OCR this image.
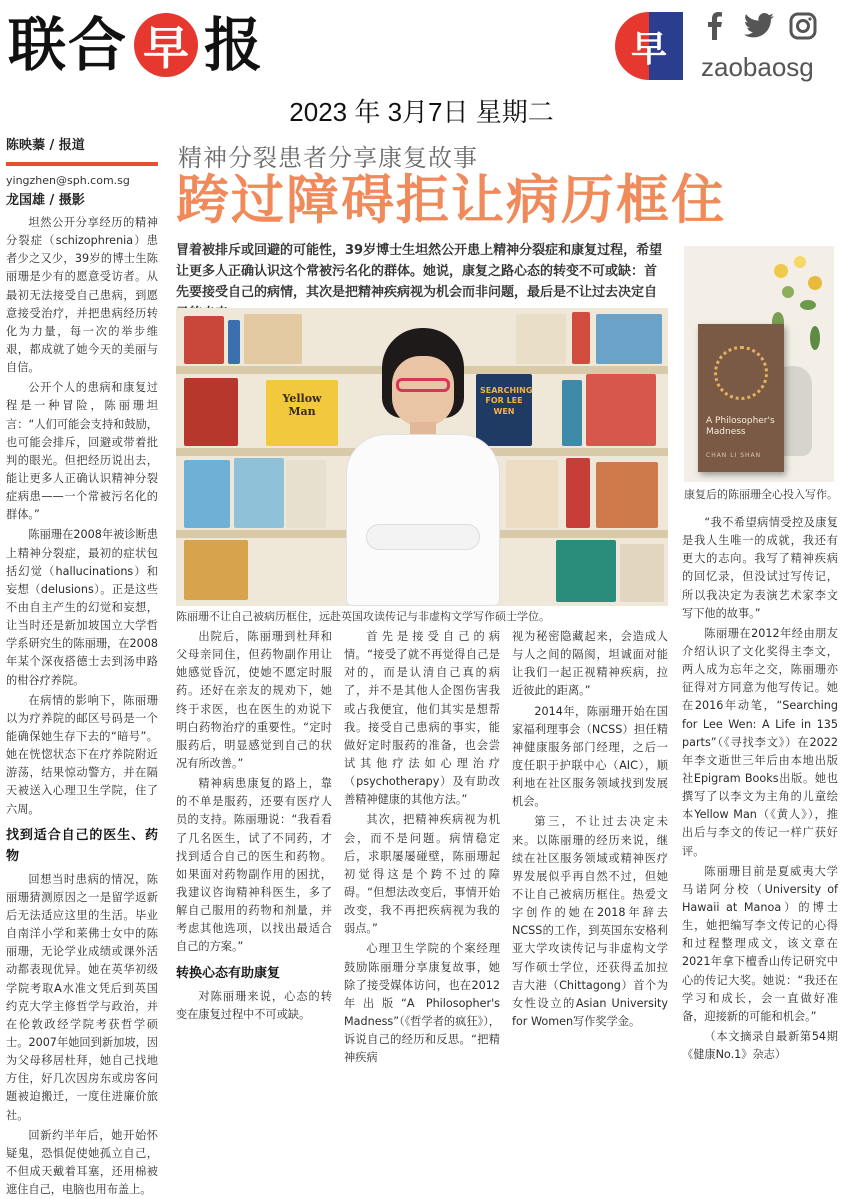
联合 早 报	早	zaobaosg
2023 年 3月7日 星期二
陈映蓁 / 报道
yingzhen@sph.com.sg
龙国雄 / 摄影
精神分裂患者分享康复故事
跨过障碍拒让病历框住
冒着被排斥或回避的可能性，39岁博士生坦然公开患上精神分裂症和康复过程，希望让更多人正确认识这个常被污名化的群体。她说，康复之路心态的转变不可或缺：首先要接受自己的病情，其次是把精神疾病视为机会而非问题，最后是不让过去决定自

坦然公开分享经历的精神分裂症（schizophrenia）患者少之又少，39岁的博士生陈丽珊是少有的愿意受访者。从最初无法接受自己患病，到愿意接受治疗，并把患病经历转化为力量，每一次的举步维艰，都成就了她今天的美丽与自信。

公开个人的患病和康复过程是一种冒险，陈丽珊坦言：“人们可能会支持和鼓励，也可能会排斥，回避或带着批判的眼光。但把经历说出去，能让更多人正确认识精神分裂症病患——一个常被污名化的群体。”

陈丽珊在2008年被诊断患上精神分裂症，最初的症状包括幻觉（hallucinations）和妄想（delusions）。正是这些不由自主产生的幻觉和妄想，让当时还是新加坡国立大学哲学系研究生的陈丽珊，在2008年某个深夜搭德士去到汤申路的柑谷疗养院。

在病情的影响下，陈丽珊以为疗养院的邮区号码是一个能确保她生存下去的“暗号”。她在恍惚状态下在疗养院附近游荡，结果惊动警方，并在隔天被送入心理卫生学院，住了六周。

找到适合自己的医生、药物

回想当时患病的情况，陈丽珊猜测原因之一是留学返新后无法适应这里的生活。毕业自南洋小学和莱佛士女中的陈丽珊，无论学业成绩或课外活动都表现优异。她在英华初级学院考取A水准文凭后到英国约克大学主修哲学与政治，并在伦敦政经学院考获哲学硕士。2007年她回到新加坡，因为父母移居杜拜，她自己找地方住，好几次因房东或房客问题被迫搬迁，一度住进廉价旅社。

回新约半年后，她开始怀疑鬼，恐惧促使她孤立自己，不但成天戴着耳塞，还用棉被遮住自己，电脑也用布盖上。

Yellow Man
SEARCHING FOR LEE WEN
陈丽珊不让自己被病历框住，远赴英国攻读传记与非虚构文学写作硕士学位。
A Philosopher's Madness
CHAN LI SHAN
康复后的陈丽珊全心投入写作。

出院后，陈丽珊到杜拜和父母亲同住，但药物副作用让她感觉昏沉，使她不愿定时服药。还好在亲友的规劝下，她终于求医，也在医生的劝说下明白药物治疗的重要性。“定时服药后，明显感觉到自己的状况有所改善。”

精神病患康复的路上，靠的不单是服药，还要有医疗人员的支持。陈丽珊说：“我看看了几名医生，试了不同药，才找到适合自己的医生和药物。如果面对药物副作用的困扰，我建议咨询精神科医生，多了解自己服用的药物和剂量，并考虑其他选项，以找出最适合自己的方案。”

转换心态有助康复

对陈丽珊来说，心态的转变在康复过程中不可或缺。

首先是接受自己的病情。“接受了就不再觉得自己是对的，而是认清自己真的病了，并不是其他人企图伤害我或占我便宜，他们其实是想帮我。接受自己患病的事实，能做好定时服药的准备，也会尝试其他疗法如心理治疗（psychotherapy）及有助改善精神健康的其他方法。”

其次，把精神疾病视为机会，而不是问题。病情稳定后，求职屡屡碰壁，陈丽珊起初觉得这是个跨不过的障碍。“但想法改变后，事情开始改变，我不再把疾病视为我的弱点。”

心理卫生学院的个案经理鼓励陈丽珊分享康复故事，她除了接受媒体访问，也在2012年出版“A Philosopher's Madness”（《哲学者的疯狂》），诉说自己的经历和反思。“把精神疾病

视为秘密隐藏起来，会造成人与人之间的隔阂，坦诚面对能让我们一起正视精神疾病，拉近彼此的距离。”

2014年，陈丽珊开始在国家福利理事会（NCSS）担任精神健康服务部门经理，之后一度任职于护联中心（AIC），顺利地在社区服务领域找到发展机会。

第三，不让过去决定未来。以陈丽珊的经历来说，继续在社区服务领域或精神医疗界发展似乎再自然不过，但她不让自己被病历框住。热爱文字创作的她在2018年辞去NCSS的工作，到英国东安格利亚大学攻读传记与非虚构文学写作硕士学位，还获得孟加拉吉大港（Chittagong）首个为女性设立的Asian University for Women写作奖学金。

“我不希望病情受控及康复是我人生唯一的成就，我还有更大的志向。我写了精神疾病的回忆录，但没试过写传记，所以我决定为表演艺术家李文写下他的故事。”

陈丽珊在2012年经由朋友介绍认识了文化奖得主李文，两人成为忘年之交，陈丽珊亦征得对方同意为他写传记。她在2016年动笔，“Searching for Lee Wen: A Life in 135 parts”（《寻找李文》）在2022年李文逝世三年后由本地出版社Epigram Books出版。她也撰写了以李文为主角的儿童绘本Yellow Man（《黄人》），推出后与李文的传记一样广获好评。

陈丽珊目前是夏威夷大学马诺阿分校（University of Hawaii at Manoa）的博士生，她把编写李文传记的心得和过程整理成文，该文章在2021年拿下檀香山传记研究中心的传记大奖。她说：“我还在学习和成长，会一直做好准备，迎接新的可能和机会。”

（本文摘录自最新第54期《健康No.1》杂志）
